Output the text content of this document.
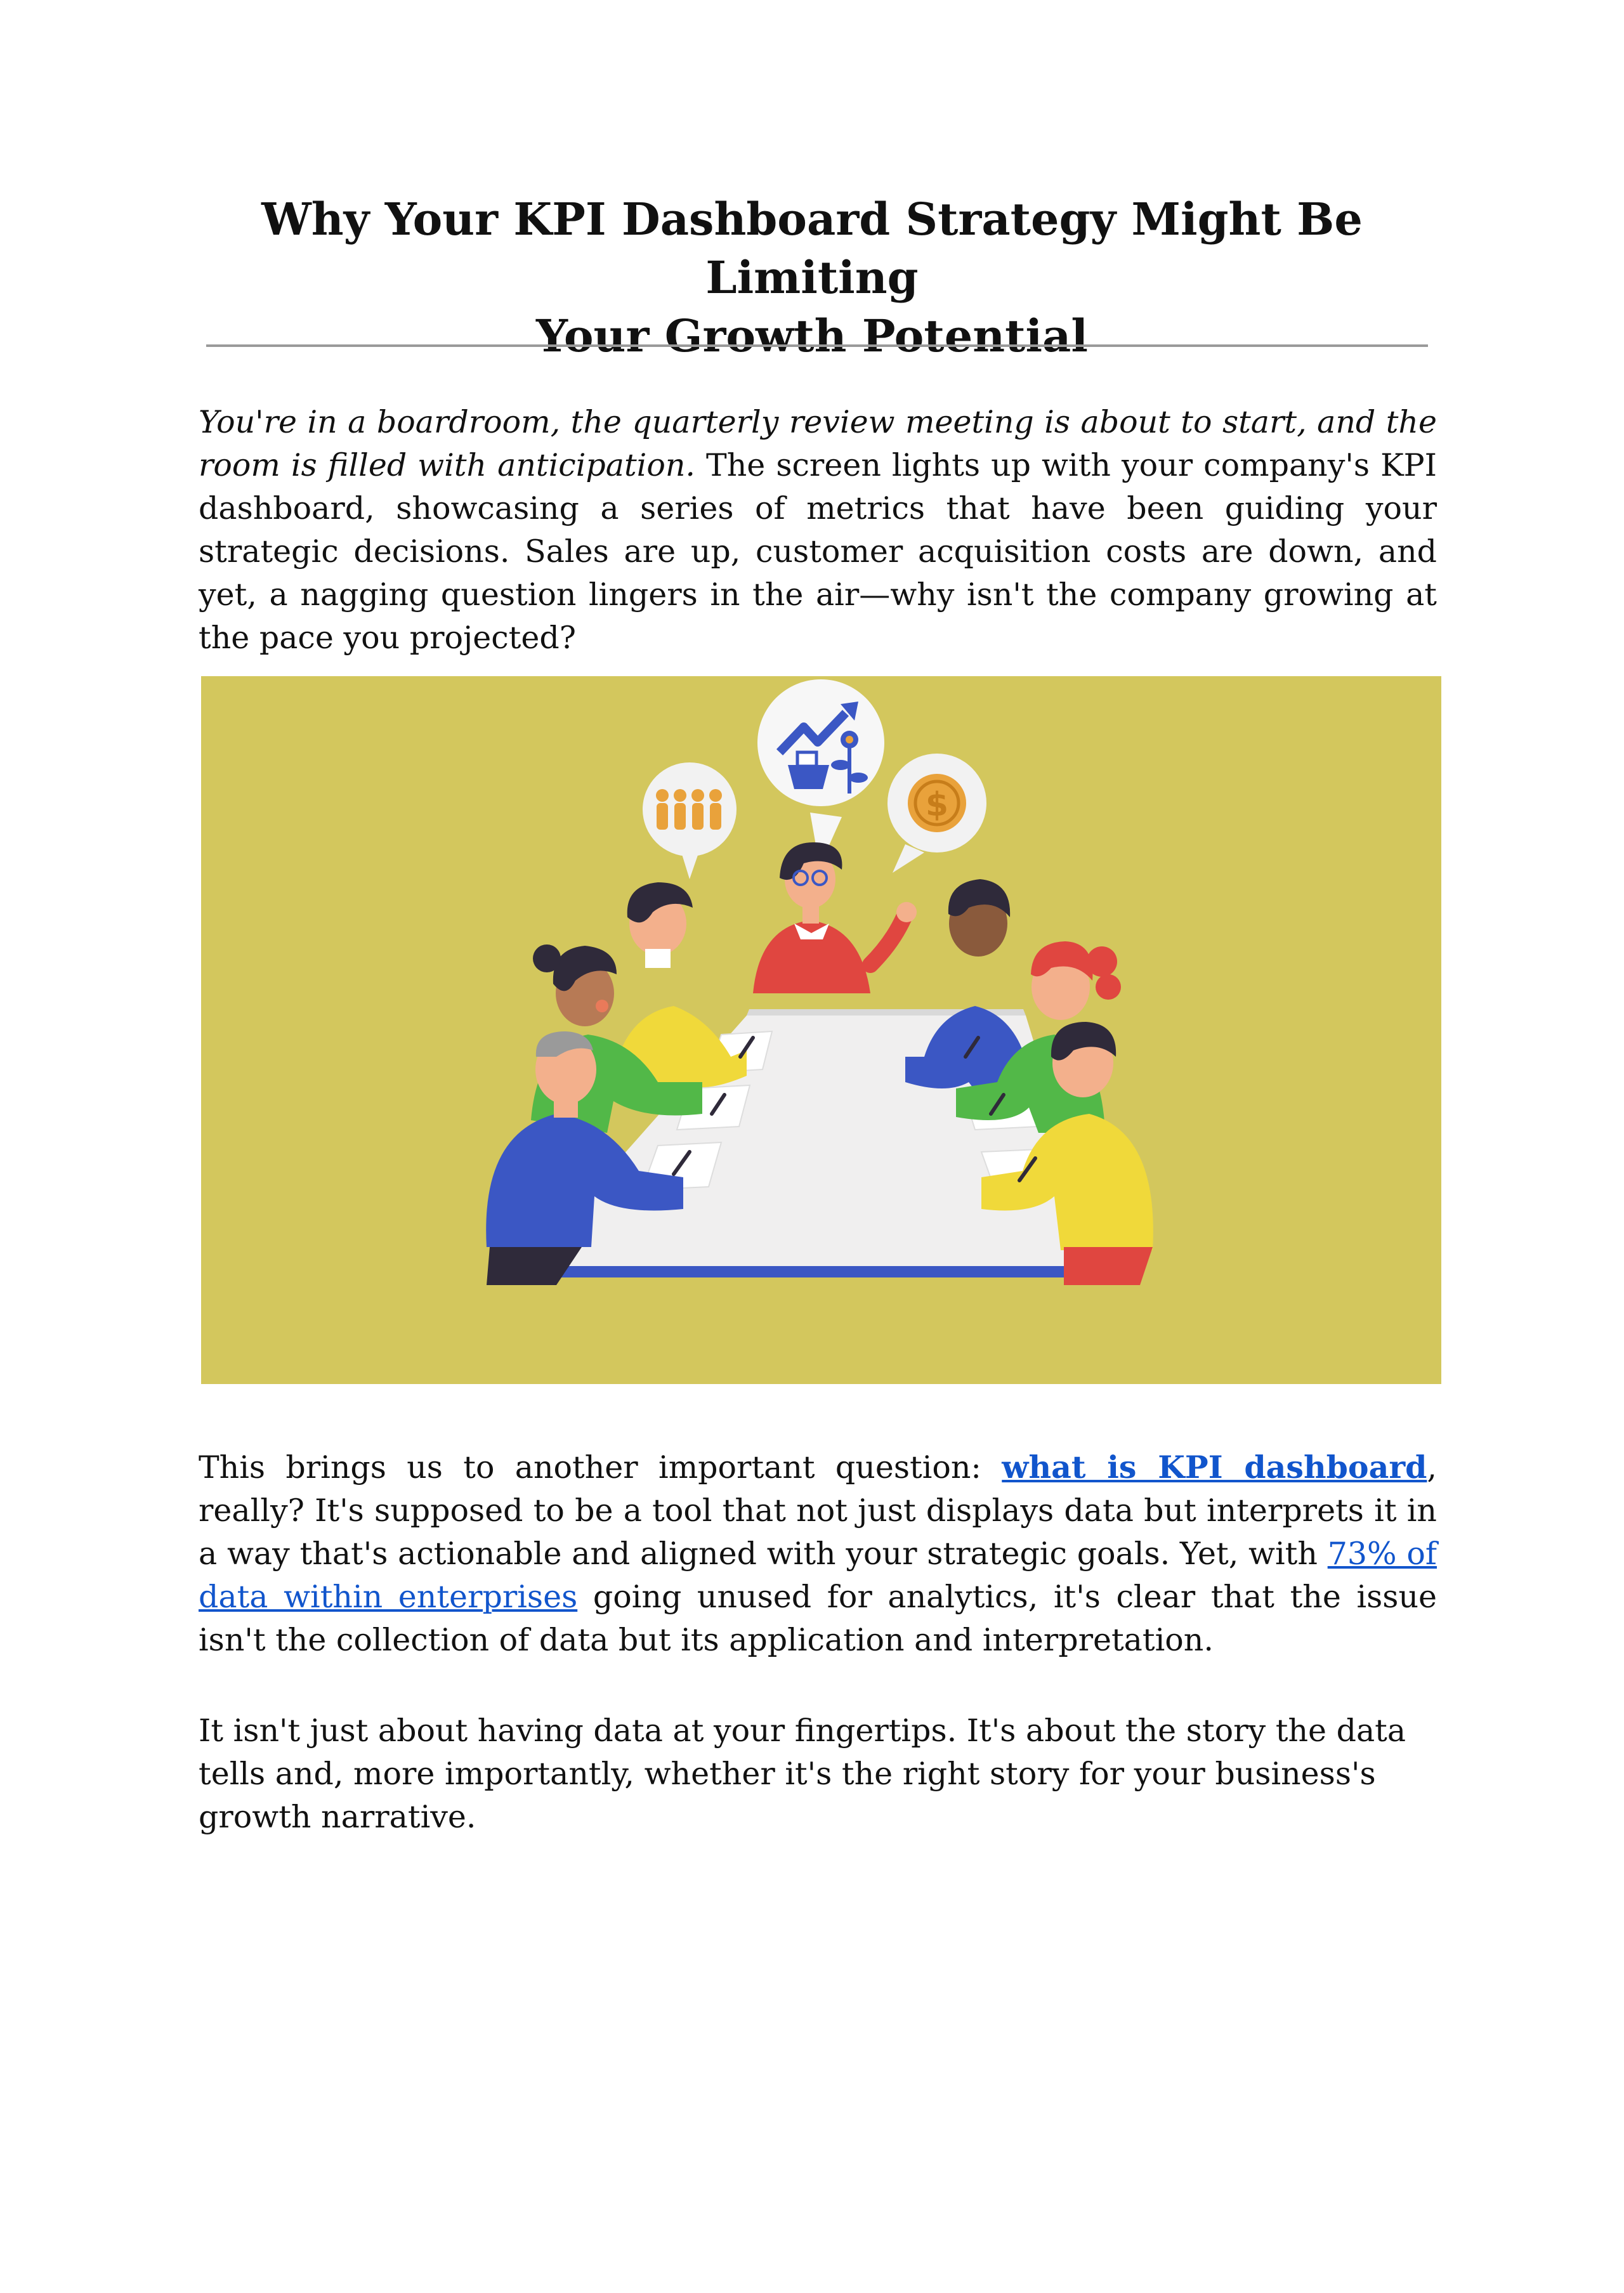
Why Your KPI Dashboard Strategy Might Be Limiting
Your Growth Potential

You're in a boardroom, the quarterly review meeting is about to start, and the room is filled with anticipation. The screen lights up with your company's KPI dashboard, showcasing a series of metrics that have been guiding your strategic decisions. Sales are up, customer acquisition costs are down, and yet, a nagging question lingers in the air—why isn't the company growing at the pace you projected?

$

This brings us to another important question: what is KPI dashboard, really? It's supposed to be a tool that not just displays data but interprets it in a way that's actionable and aligned with your strategic goals. Yet, with 73% of data within enterprises going unused for analytics, it's clear that the issue isn't the collection of data but its application and interpretation.

It isn't just about having data at your fingertips. It's about the story the data tells and, more importantly, whether it's the right story for your business's growth narrative.
